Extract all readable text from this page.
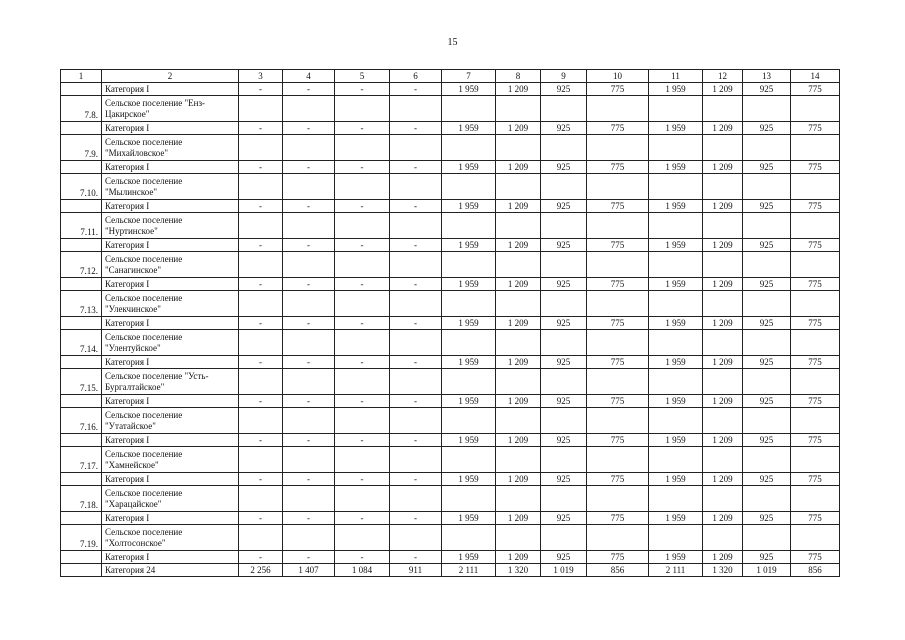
15
1	2	3	4	5	6	7	8	9	10	11	12	13	14
	Категория I	-	-	-	-	1 959	1 209	925	775	1 959	1 209	925	775
7.8.	Сельское поселение "Енз-Цакирское"												
	Категория I	-	-	-	-	1 959	1 209	925	775	1 959	1 209	925	775
7.9.	Сельское поселение "Михайловское"												
	Категория I	-	-	-	-	1 959	1 209	925	775	1 959	1 209	925	775
7.10.	Сельское поселение "Мылинское"												
	Категория I	-	-	-	-	1 959	1 209	925	775	1 959	1 209	925	775
7.11.	Сельское поселение "Нуртинское"												
	Категория I	-	-	-	-	1 959	1 209	925	775	1 959	1 209	925	775
7.12.	Сельское поселение "Санагинское"												
	Категория I	-	-	-	-	1 959	1 209	925	775	1 959	1 209	925	775
7.13.	Сельское поселение "Улекчинское"												
	Категория I	-	-	-	-	1 959	1 209	925	775	1 959	1 209	925	775
7.14.	Сельское поселение "Улентуйское"												
	Категория I	-	-	-	-	1 959	1 209	925	775	1 959	1 209	925	775
7.15.	Сельское поселение "Усть-Бургалтайское"												
	Категория I	-	-	-	-	1 959	1 209	925	775	1 959	1 209	925	775
7.16.	Сельское поселение "Утатайское"												
	Категория I	-	-	-	-	1 959	1 209	925	775	1 959	1 209	925	775
7.17.	Сельское поселение "Хамнейское"												
	Категория I	-	-	-	-	1 959	1 209	925	775	1 959	1 209	925	775
7.18.	Сельское поселение "Харацайское"												
	Категория I	-	-	-	-	1 959	1 209	925	775	1 959	1 209	925	775
7.19.	Сельское поселение "Холтосонское"												
	Категория I	-	-	-	-	1 959	1 209	925	775	1 959	1 209	925	775
	Категория 24	2 256	1 407	1 084	911	2 111	1 320	1 019	856	2 111	1 320	1 019	856
